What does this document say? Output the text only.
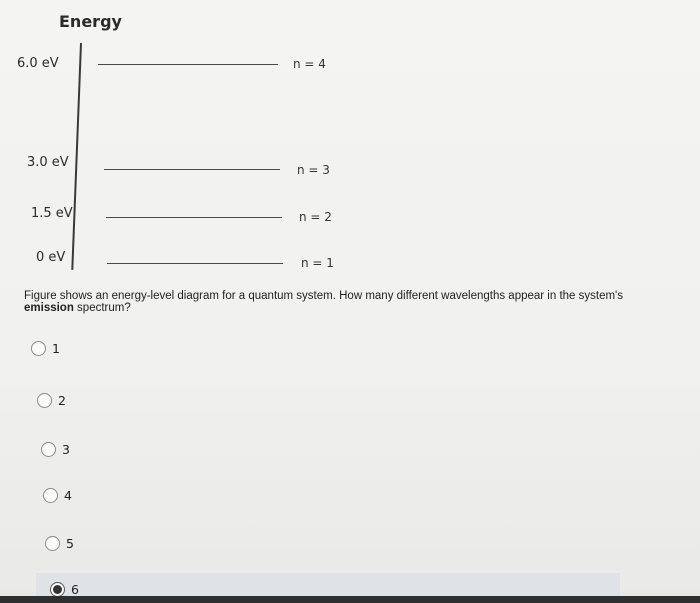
Energy
6.0 eV	n = 4
3.0 eV	n = 3
1.5 eV	n = 2
0 eV	n = 1
Figure shows an energy-level diagram for a quantum system. How many different wavelengths appear in the system's emission spectrum?
1
2
3
4
5
6
